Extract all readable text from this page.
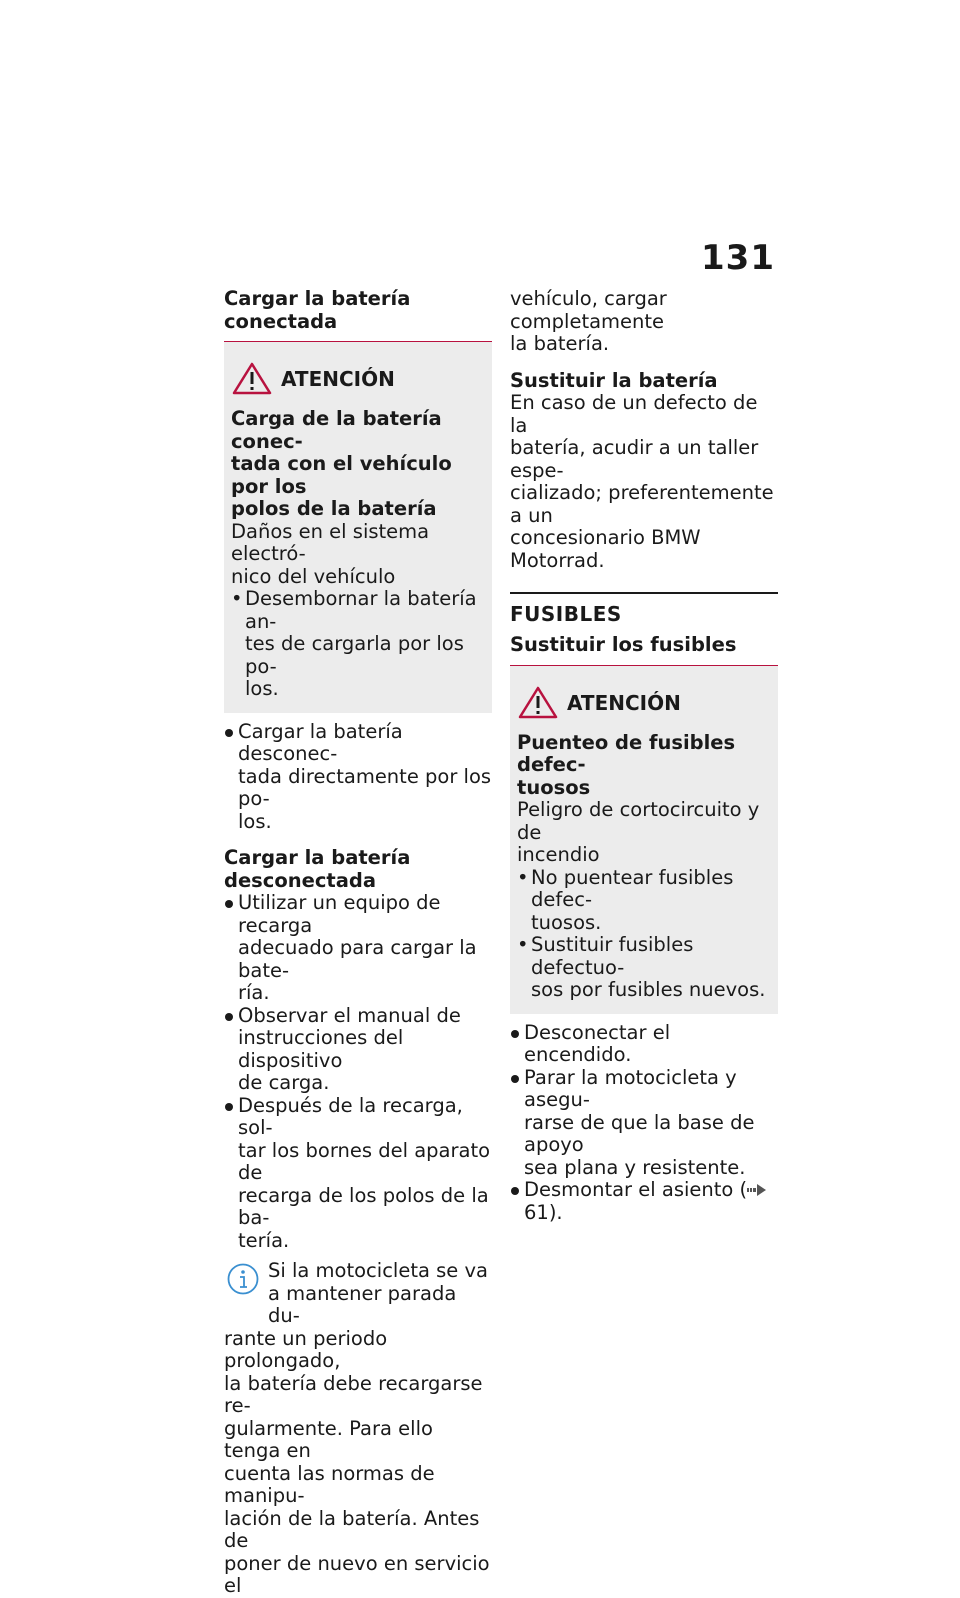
131
Cargar la batería conectada
ATENCIÓN
Carga de la batería conec-
tada con el vehículo por los
polos de la batería
Daños en el sistema electró-
nico del vehículo
• Desembornar la batería an-
tes de cargarla por los po-
los.
Cargar la batería desconec-
tada directamente por los po-
los.
Cargar la batería
desconectada
Utilizar un equipo de recarga
adecuado para cargar la bate-
ría.
Observar el manual de
instrucciones del dispositivo
de carga.
Después de la recarga, sol-
tar los bornes del aparato de
recarga de los polos de la ba-
tería.
Si la motocicleta se va
a mantener parada du-
rante un periodo prolongado,
la batería debe recargarse re-
gularmente. Para ello tenga en
cuenta las normas de manipu-
lación de la batería. Antes de
poner de nuevo en servicio el
vehículo, cargar completamente
la batería.
Sustituir la batería
En caso de un defecto de la
batería, acudir a un taller espe-
cializado; preferentemente a un
concesionario BMW Motorrad.
FUSIBLES
Sustituir los fusibles
ATENCIÓN
Puenteo de fusibles defec-
tuosos
Peligro de cortocircuito y de
incendio
• No puentear fusibles defec-
tuosos.
• Sustituir fusibles defectuo-
sos por fusibles nuevos.
Desconectar el encendido.
Parar la motocicleta y asegu-
rarse de que la base de apoyo
sea plana y resistente.
Desmontar el asiento (61).
